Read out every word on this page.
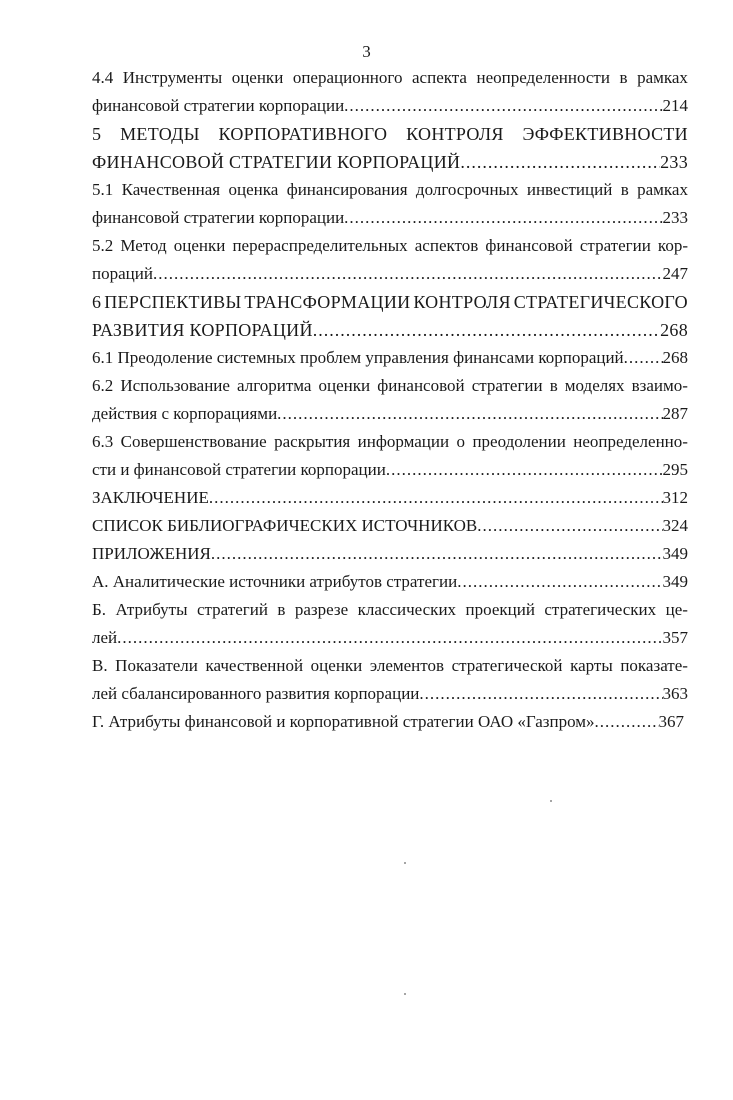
3
4.4 Инструменты оценки операционного аспекта неопределенности в рамках
финансовой стратегии корпорации .....	214
5 МЕТОДЫ КОРПОРАТИВНОГО КОНТРОЛЯ ЭФФЕКТИВНОСТИ
ФИНАНСОВОЙ СТРАТЕГИИ КОРПОРАЦИЙ .....	233
5.1 Качественная оценка финансирования долгосрочных инвестиций в рамках
финансовой стратегии корпорации .....	233
5.2 Метод оценки перераспределительных аспектов финансовой стратегии кор-
пораций .....	247
6 ПЕРСПЕКТИВЫ ТРАНСФОРМАЦИИ КОНТРОЛЯ СТРАТЕГИЧЕСКОГО
РАЗВИТИЯ КОРПОРАЦИЙ .....	268
6.1 Преодоление системных проблем управления финансами корпораций ..... 268
6.2 Использование алгоритма оценки финансовой стратегии в моделях взаимо-
действия с корпорациями .....	287
6.3 Совершенствование раскрытия информации о преодолении неопределенно-
сти и финансовой стратегии корпорации .....	295
ЗАКЛЮЧЕНИЕ .....	312
СПИСОК БИБЛИОГРАФИЧЕСКИХ ИСТОЧНИКОВ .....	324
ПРИЛОЖЕНИЯ .....	349
А. Аналитические источники атрибутов стратегии .....	349
Б. Атрибуты стратегий в разрезе классических проекций стратегических це-
лей .....	357
В. Показатели качественной оценки элементов стратегической карты показате-
лей сбалансированного развития корпорации .....	363
Г. Атрибуты финансовой и корпоративной стратегии ОАО «Газпром» .....	367
